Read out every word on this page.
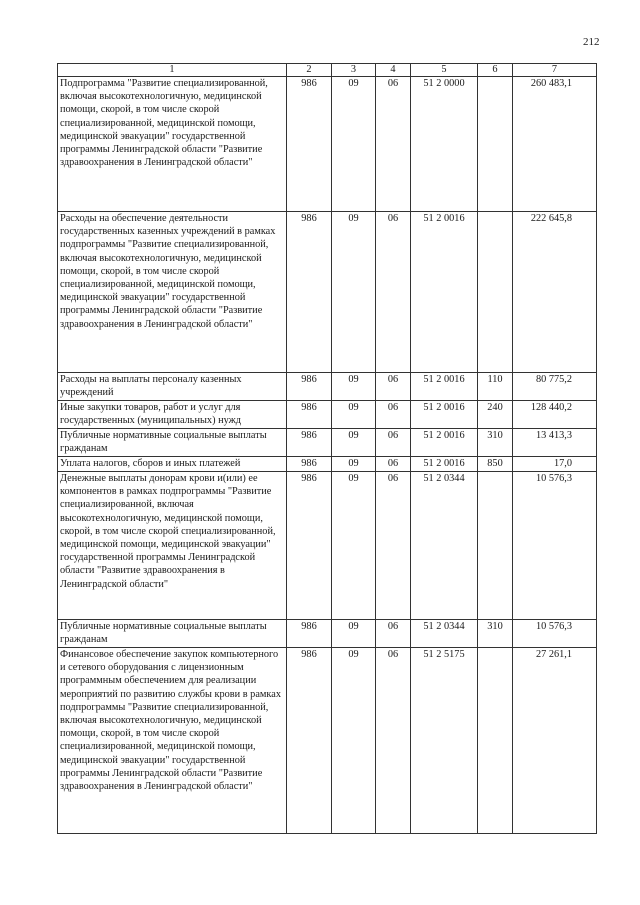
212
1	2	3	4	5	6	7
Подпрограмма "Развитие специализированной, включая высокотехнологичную, медицинской помощи, скорой, в том числе скорой специализированной, медицинской помощи, медицинской эвакуации" государственной программы Ленинградской области "Развитие здравоохранения в Ленинградской области"	986	09	06	51 2 0000		260 483,1
Расходы на обеспечение деятельности государственных казенных учреждений в рамках подпрограммы "Развитие специализированной, включая высокотехнологичную, медицинской помощи, скорой, в том числе скорой специализированной, медицинской помощи, медицинской эвакуации" государственной программы Ленинградской области "Развитие здравоохранения в Ленинградской области"	986	09	06	51 2 0016		222 645,8
Расходы на выплаты персоналу казенных учреждений	986	09	06	51 2 0016	110	80 775,2
Иные закупки товаров, работ и услуг для государственных (муниципальных) нужд	986	09	06	51 2 0016	240	128 440,2
Публичные нормативные социальные выплаты гражданам	986	09	06	51 2 0016	310	13 413,3
Уплата налогов, сборов и иных платежей	986	09	06	51 2 0016	850	17,0
Денежные выплаты донорам крови и(или) ее компонентов в рамках подпрограммы "Развитие специализированной, включая высокотехнологичную, медицинской помощи, скорой, в том числе скорой специализированной, медицинской помощи, медицинской эвакуации" государственной программы Ленинградской области "Развитие здравоохранения в Ленинградской области"	986	09	06	51 2 0344		10 576,3
Публичные нормативные социальные выплаты гражданам	986	09	06	51 2 0344	310	10 576,3
Финансовое обеспечение закупок компьютерного и сетевого оборудования с лицензионным программным обеспечением для реализации мероприятий по развитию службы крови в рамках подпрограммы "Развитие специализированной, включая высокотехнологичную, медицинской помощи, скорой, в том числе скорой специализированной, медицинской помощи, медицинской эвакуации" государственной программы Ленинградской области "Развитие здравоохранения в Ленинградской области"	986	09	06	51 2 5175		27 261,1
